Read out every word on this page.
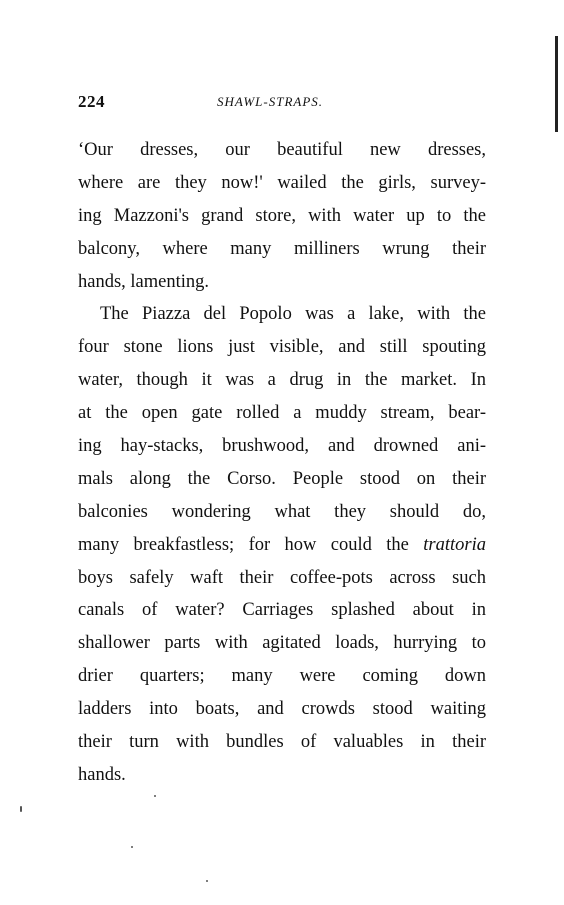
224	SHAWL-STRAPS.
‘Our dresses, our beautiful new dresses,
where are they now!' wailed the girls, survey-
ing Mazzoni's grand store, with water up to the
balcony, where many milliners wrung their
hands, lamenting.
The Piazza del Popolo was a lake, with the
four stone lions just visible, and still spouting
water, though it was a drug in the market. In
at the open gate rolled a muddy stream, bear-
ing hay-stacks, brushwood, and drowned ani-
mals along the Corso. People stood on their
balconies wondering what they should do,
many breakfastless; for how could the trattoria
boys safely waft their coffee-pots across such
canals of water? Carriages splashed about in
shallower parts with agitated loads, hurrying to
drier quarters; many were coming down
ladders into boats, and crowds stood waiting
their turn with bundles of valuables in their
hands.
